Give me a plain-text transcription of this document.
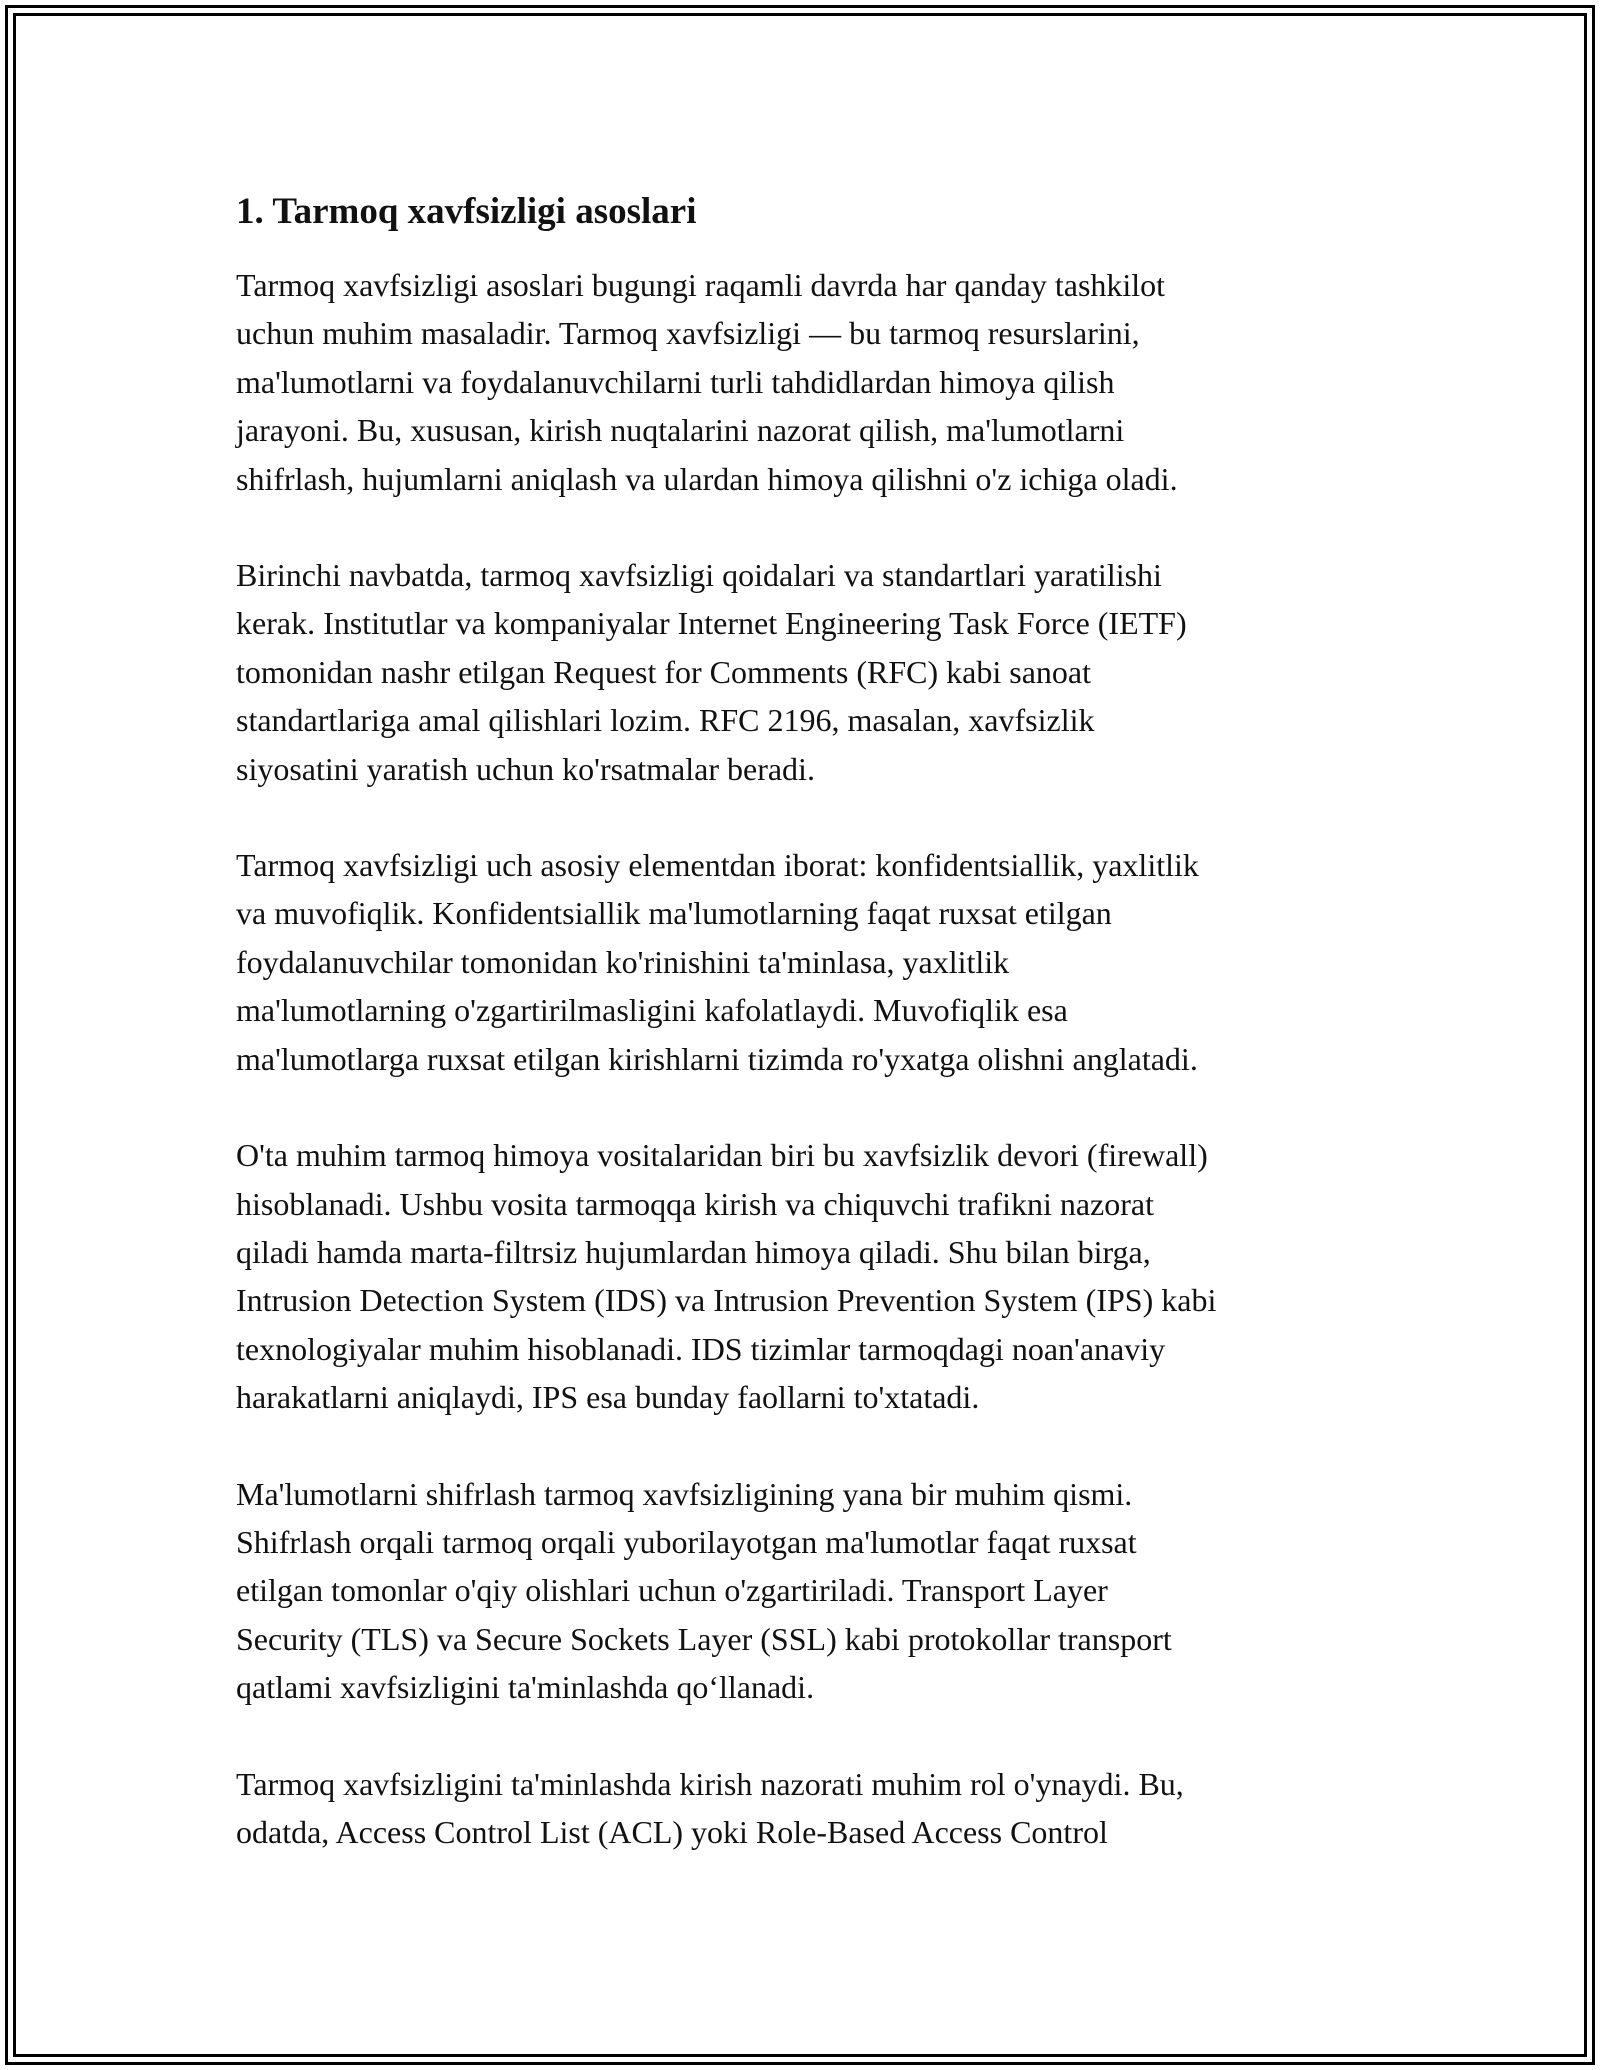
1. Tarmoq xavfsizligi asoslari
Tarmoq xavfsizligi asoslari bugungi raqamli davrda har qanday tashkilot
uchun muhim masaladir. Tarmoq xavfsizligi — bu tarmoq resurslarini,
ma'lumotlarni va foydalanuvchilarni turli tahdidlardan himoya qilish
jarayoni. Bu, xususan, kirish nuqtalarini nazorat qilish, ma'lumotlarni
shifrlash, hujumlarni aniqlash va ulardan himoya qilishni o'z ichiga oladi.
Birinchi navbatda, tarmoq xavfsizligi qoidalari va standartlari yaratilishi
kerak. Institutlar va kompaniyalar Internet Engineering Task Force (IETF)
tomonidan nashr etilgan Request for Comments (RFC) kabi sanoat
standartlariga amal qilishlari lozim. RFC 2196, masalan, xavfsizlik
siyosatini yaratish uchun ko'rsatmalar beradi.
Tarmoq xavfsizligi uch asosiy elementdan iborat: konfidentsiallik, yaxlitlik
va muvofiqlik. Konfidentsiallik ma'lumotlarning faqat ruxsat etilgan
foydalanuvchilar tomonidan ko'rinishini ta'minlasa, yaxlitlik
ma'lumotlarning o'zgartirilmasligini kafolatlaydi. Muvofiqlik esa
ma'lumotlarga ruxsat etilgan kirishlarni tizimda ro'yxatga olishni anglatadi.
O'ta muhim tarmoq himoya vositalaridan biri bu xavfsizlik devori (firewall)
hisoblanadi. Ushbu vosita tarmoqqa kirish va chiquvchi trafikni nazorat
qiladi hamda marta-filtrsiz hujumlardan himoya qiladi. Shu bilan birga,
Intrusion Detection System (IDS) va Intrusion Prevention System (IPS) kabi
texnologiyalar muhim hisoblanadi. IDS tizimlar tarmoqdagi noan'anaviy
harakatlarni aniqlaydi, IPS esa bunday faollarni to'xtatadi.
Ma'lumotlarni shifrlash tarmoq xavfsizligining yana bir muhim qismi.
Shifrlash orqali tarmoq orqali yuborilayotgan ma'lumotlar faqat ruxsat
etilgan tomonlar o'qiy olishlari uchun o'zgartiriladi. Transport Layer
Security (TLS) va Secure Sockets Layer (SSL) kabi protokollar transport
qatlami xavfsizligini ta'minlashda qo‘llanadi.
Tarmoq xavfsizligini ta'minlashda kirish nazorati muhim rol o'ynaydi. Bu,
odatda, Access Control List (ACL) yoki Role-Based Access Control
